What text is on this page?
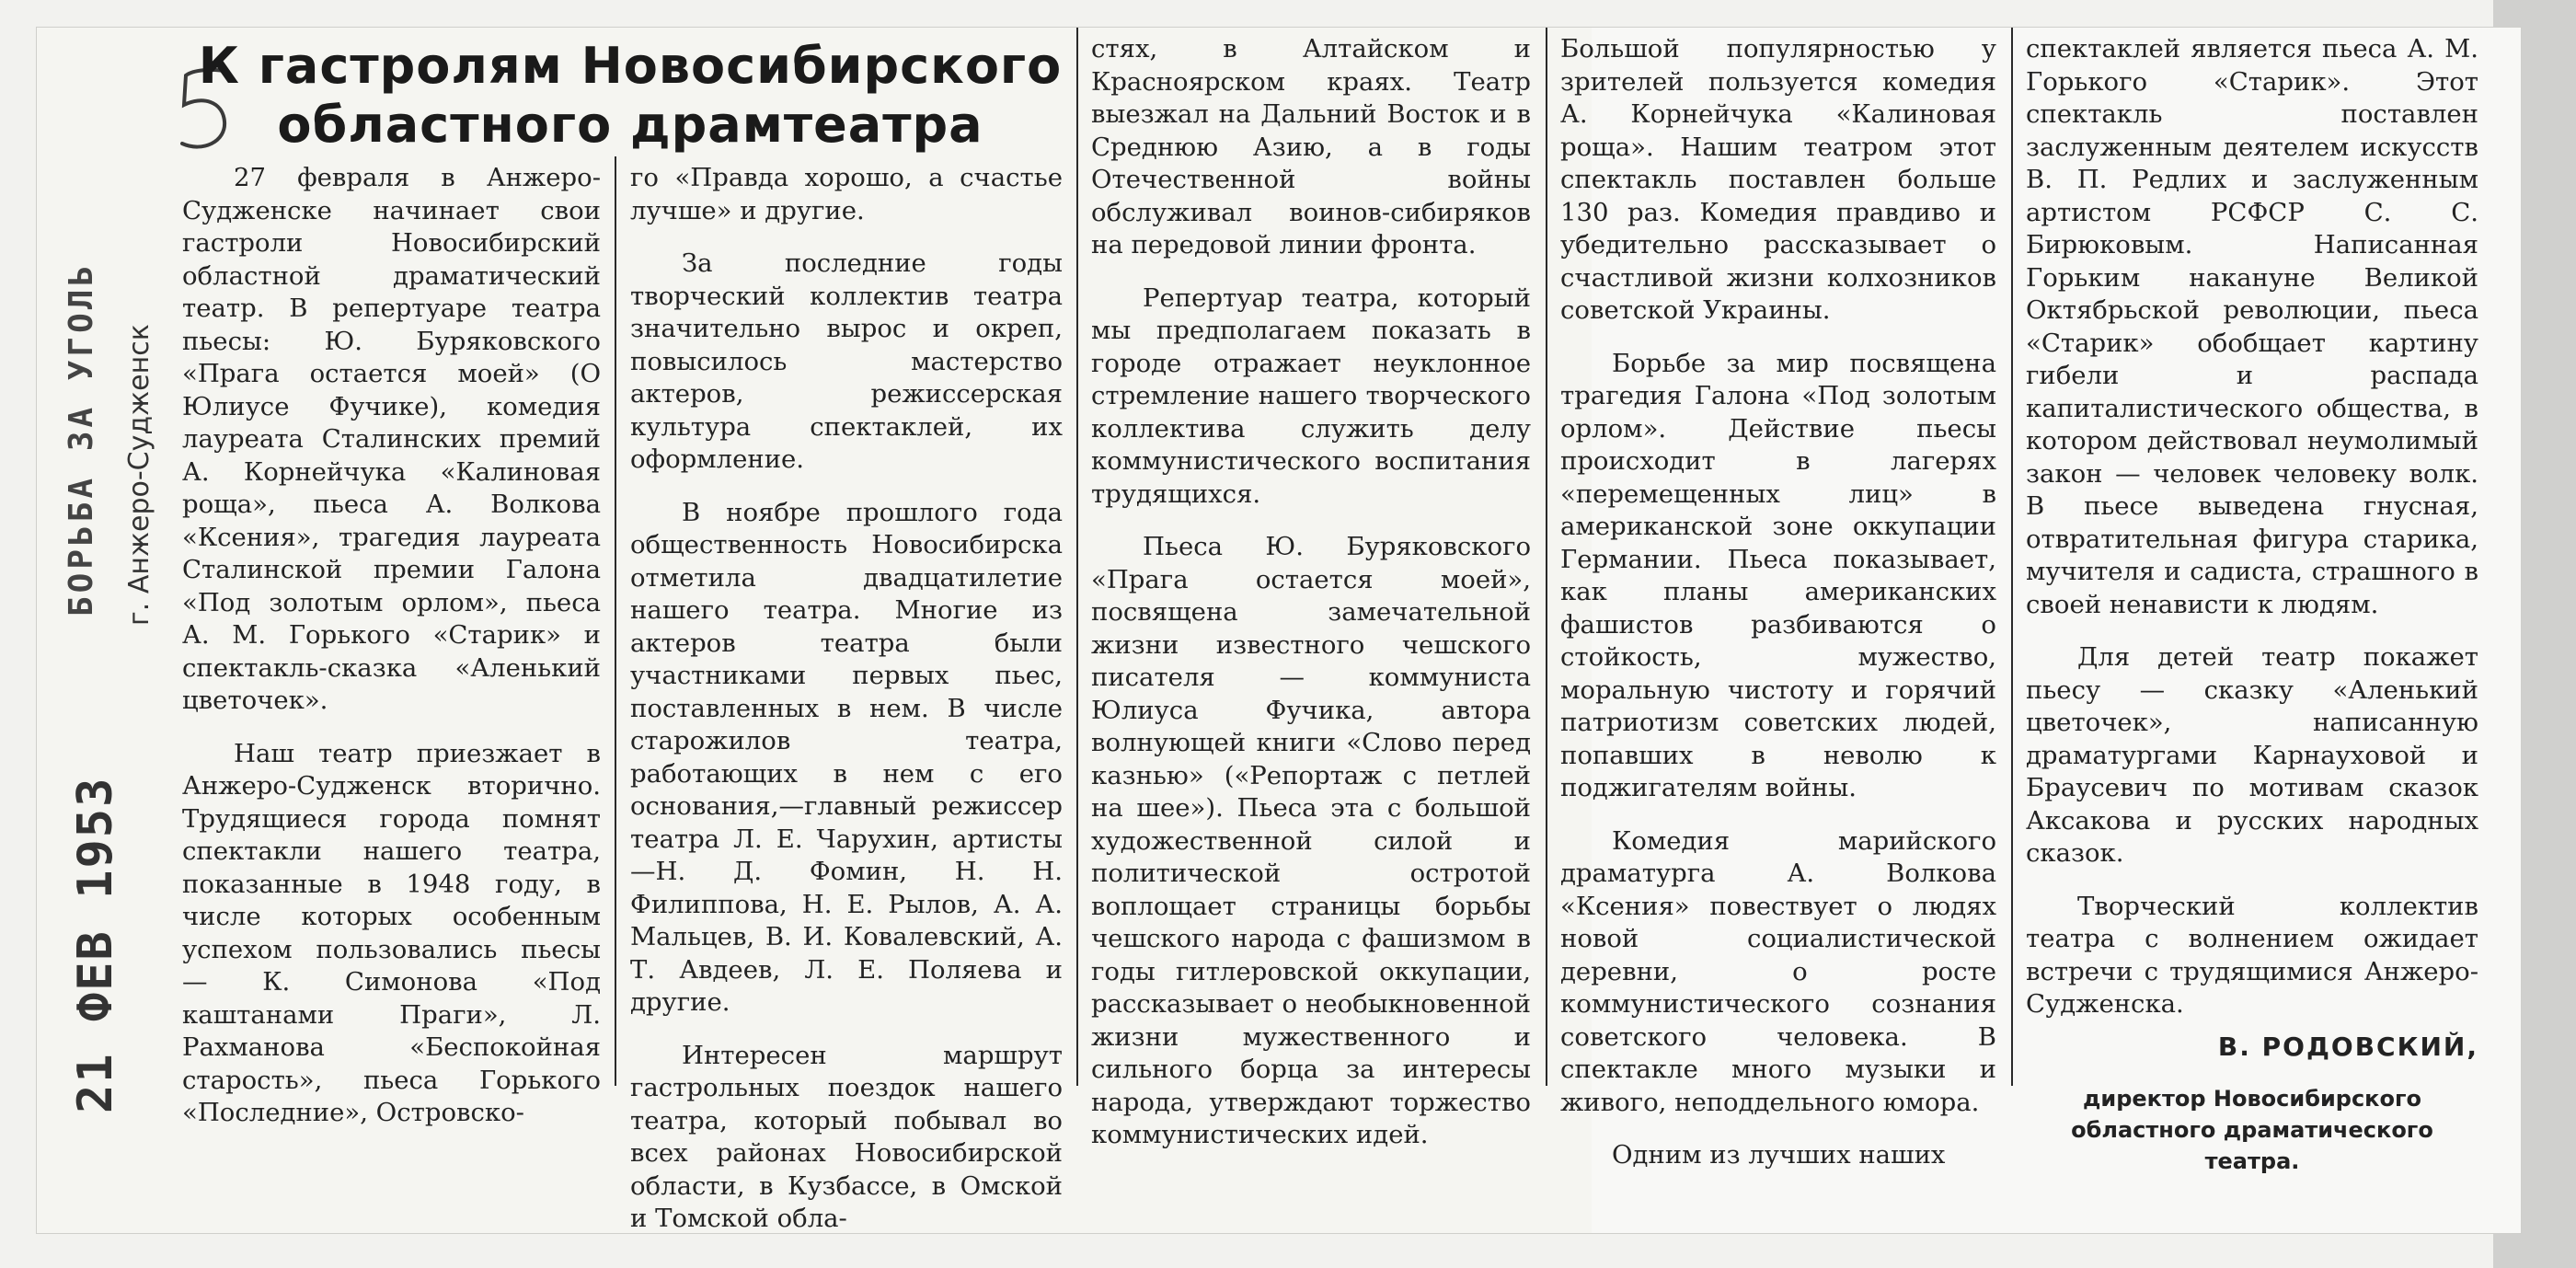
БОРЬБА ЗА УГОЛЬ г. Анжеро-Судженск
21 ФЕВ 1953
К гастролям Новосибирского
областного драмтеатра

27 февраля в Анжеро-Судженске начинает свои гастроли Новосибирский областной драматический театр. В репертуаре театра пьесы: Ю. Буряковского «Прага остается моей» (О Юлиусе Фучике), комедия лауреата Сталинских премий А. Корнейчука «Калиновая роща», пьеса А. Волкова «Ксения», трагедия лауреата Сталинской премии Галона «Под золотым орлом», пьеса А. М. Горького «Старик» и спектакль-сказка «Аленький цветочек».

Наш театр приезжает в Анжеро-Судженск вторично. Трудящиеся города помнят спектакли нашего театра, показанные в 1948 году, в числе которых особенным успехом пользовались пьесы — К. Симонова «Под каштанами Праги», Л. Рахманова «Беспокойная старость», пьеса Горького «Последние», Островско-

го «Правда хорошо, а счастье лучше» и другие.

За последние годы творческий коллектив театра значительно вырос и окреп, повысилось мастерство актеров, режиссерская культура спектаклей, их оформление.

В ноябре прошлого года общественность Новосибирска отметила двадцатилетие нашего театра. Многие из актеров театра были участниками первых пьес, поставленных в нем. В числе старожилов театра, работающих в нем с его основания,—главный режиссер театра Л. Е. Чарухин, артисты—Н. Д. Фомин, Н. Н. Филиппова, Н. Е. Рылов, А. А. Мальцев, В. И. Ковалевский, А. Т. Авдеев, Л. Е. Поляева и другие.

Интересен маршрут гастрольных поездок нашего театра, который побывал во всех районах Новосибирской области, в Кузбассе, в Омской и Томской обла-

стях, в Алтайском и Красноярском краях. Театр выезжал на Дальний Восток и в Среднюю Азию, а в годы Отечественной войны обслуживал воинов-сибиряков на передовой линии фронта.

Репертуар театра, который мы предполагаем показать в городе отражает неуклонное стремление нашего творческого коллектива служить делу коммунистического воспитания трудящихся.

Пьеса Ю. Буряковского «Прага остается моей», посвящена замечательной жизни известного чешского писателя — коммуниста Юлиуса Фучика, автора волнующей книги «Слово перед казнью» («Репортаж с петлей на шее»). Пьеса эта с большой художественной силой и политической остротой воплощает страницы борьбы чешского народа с фашизмом в годы гитлеровской оккупации, рассказывает о необыкновенной жизни мужественного и сильного борца за интересы народа, утверждают торжество коммунистических идей.

Большой популярностью у зрителей пользуется комедия А. Корнейчука «Калиновая роща». Нашим театром этот спектакль поставлен больше 130 раз. Комедия правдиво и убедительно рассказывает о счастливой жизни колхозников советской Украины.

Борьбе за мир посвящена трагедия Галона «Под золотым орлом». Действие пьесы происходит в лагерях «перемещенных лиц» в американской зоне оккупации Германии. Пьеса показывает, как планы американских фашистов разбиваются о стойкость, мужество, моральную чистоту и горячий патриотизм советских людей, попавших в неволю к поджигателям войны.

Комедия марийского драматурга А. Волкова «Ксения» повествует о людях новой социалистической деревни, о росте коммунистического сознания советского человека. В спектакле много музыки и живого, неподдельного юмора.

Одним из лучших наших

спектаклей является пьеса А. М. Горького «Старик». Этот спектакль поставлен заслуженным деятелем искусств В. П. Редлих и заслуженным артистом РСФСР С. С. Бирюковым. Написанная Горьким накануне Великой Октябрьской революции, пьеса «Старик» обобщает картину гибели и распада капиталистического общества, в котором действовал неумолимый закон — человек человеку волк. В пьесе выведена гнусная, отвратительная фигура старика, мучителя и садиста, страшного в своей ненависти к людям.

Для детей театр покажет пьесу — сказку «Аленький цветочек», написанную драматургами Карнауховой и Браусевич по мотивам сказок Аксакова и русских народных сказок.

Творческий коллектив театра с волнением ожидает встречи с трудящимися Анжеро-Судженска.

В. РОДОВСКИЙ,
директор Новосибирского областного драматического театра.
